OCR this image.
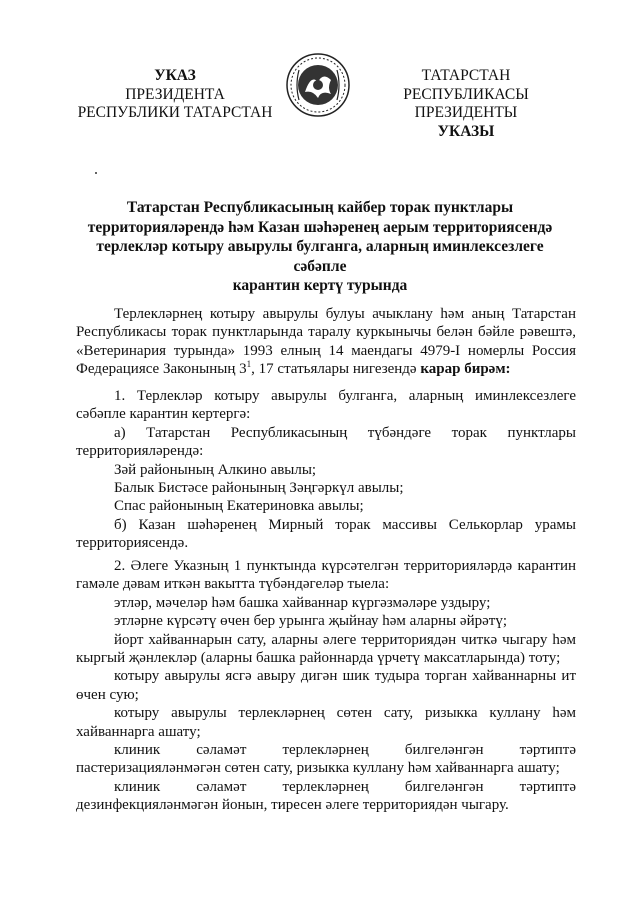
УКАЗ
ПРЕЗИДЕНТА
РЕСПУБЛИКИ ТАТАРСТАН
ТАТАРСТАН РЕСПУБЛИКАСЫ
ПРЕЗИДЕНТЫ
УКАЗЫ
Татарстан Республикасының кайбер торак пунктлары
территорияләрендә һәм Казан шәһәренең аерым территориясендә
терлекләр котыру авырулы булганга, аларның иминлексезлеге сәбәпле
карантин кертү турында
Терлекләрнең котыру авырулы булуы ачыклану һәм аның Татарстан
Республикасы торак пунктларында таралу куркынычы белән бәйле рәвештә,
«Ветеринария турында» 1993 елның 14 маендагы 4979-I номерлы Россия
Федерациясе Законының $3^1$, 17 статьялары нигезендә карар бирәм:
1. Терлекләр котыру авырулы булганга, аларның иминлексезлеге
сәбәпле карантин кертергә:
а) Татарстан Республикасының түбәндәге торак пунктлары
территорияләрендә:
Зәй районының Алкино авылы;
Балык Бистәсе районының Зәңгәркүл авылы;
Спас районының Екатериновка авылы;
б) Казан шәһәренең Мирный торак массивы Селькорлар урамы
территориясендә.
2. Әлеге Указның 1 пунктында күрсәтелгән территорияләрдә карантин
гамәле дәвам иткән вакытта түбәндәгеләр тыела:
этләр, мәчеләр һәм башка хайваннар күргәзмәләре уздыру;
этләрне күрсәтү өчен бер урынга җыйнау һәм аларны әйрәтү;
йорт хайваннарын сату, аларны әлеге территориядән читкә чыгару һәм
кыргый җәнлекләр (аларны башка районнарда үрчетү максатларында) тоту;
котыру авырулы ясгә авыру дигән шик тудыра торган хайваннарны ит
өчен сую;
котыру авырулы терлекләрнең сөтен сату, ризыкка куллану һәм
хайваннарга ашату;
клиник сәламәт терлекләрнең билгеләнгән тәртиптә
пастеризацияләнмәгән сөтен сату, ризыкка куллану һәм хайваннарга ашату;
клиник сәламәт терлекләрнең билгеләнгән тәртиптә
дезинфекцияләнмәгән йонын, тиресен әлеге территориядән чыгару.
